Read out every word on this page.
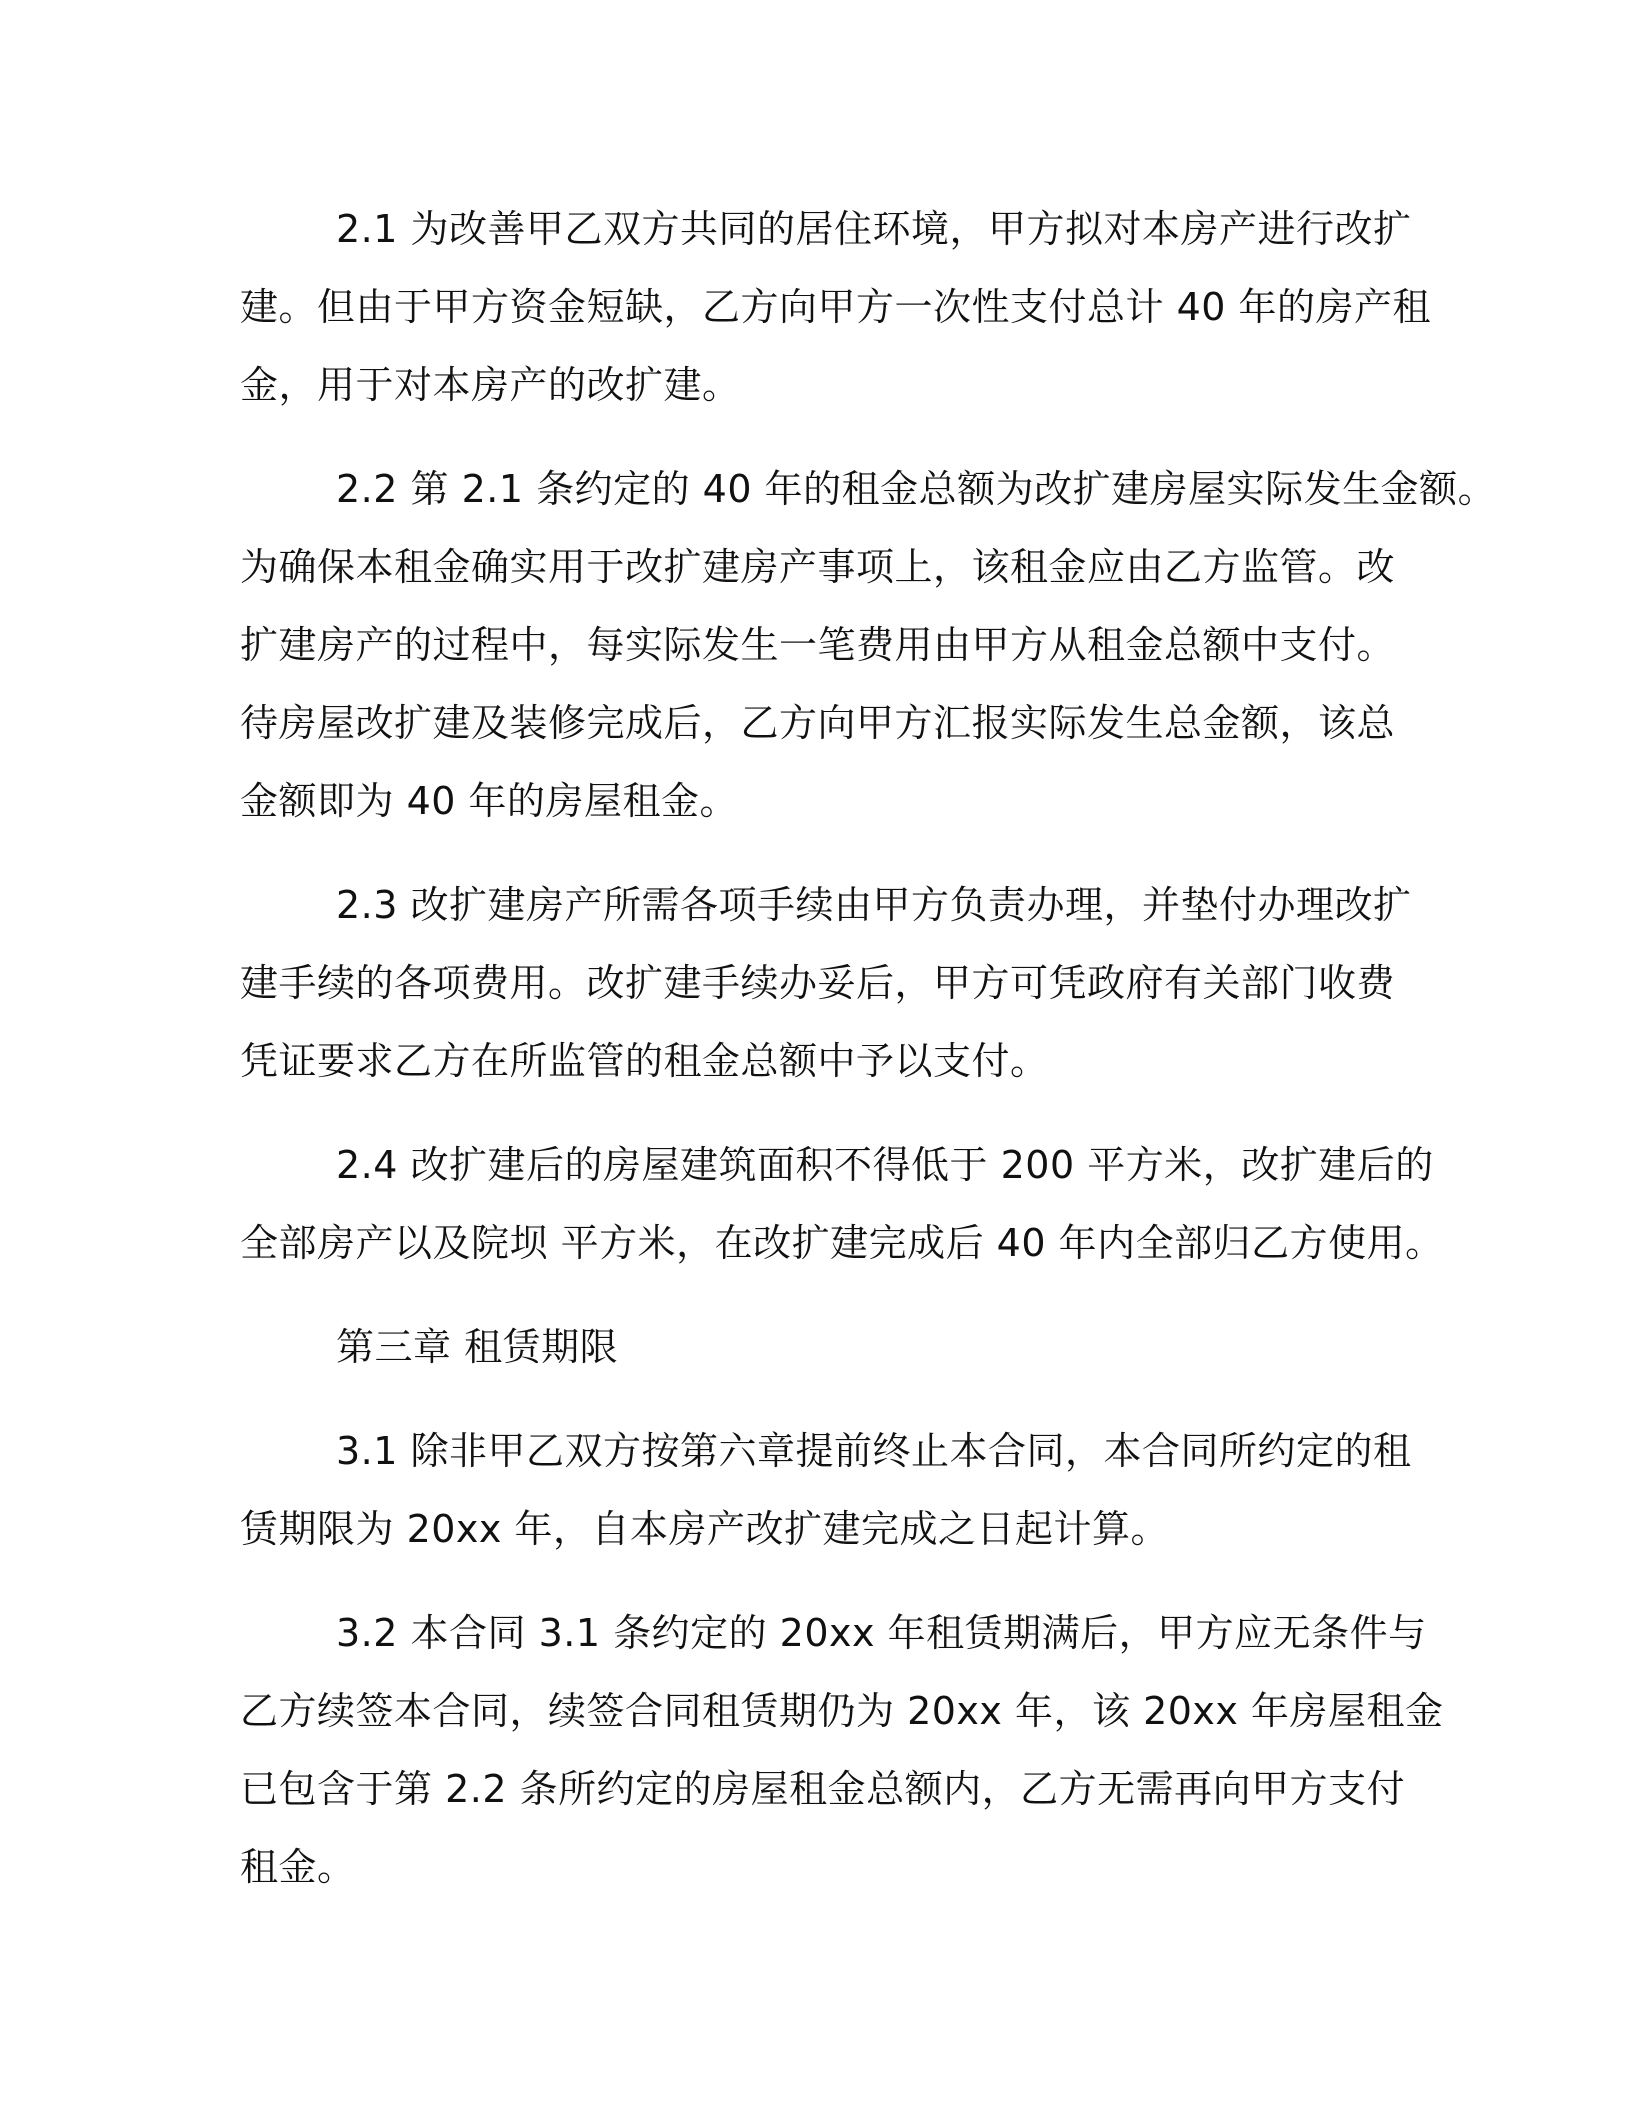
2.1 为改善甲乙双方共同的居住环境，甲方拟对本房产进行改扩
建。但由于甲方资金短缺，乙方向甲方一次性支付总计 40 年的房产租
金，用于对本房产的改扩建。
2.2 第 2.1 条约定的 40 年的租金总额为改扩建房屋实际发生金额。
为确保本租金确实用于改扩建房产事项上，该租金应由乙方监管。改
扩建房产的过程中，每实际发生一笔费用由甲方从租金总额中支付。
待房屋改扩建及装修完成后，乙方向甲方汇报实际发生总金额，该总
金额即为 40 年的房屋租金。
2.3 改扩建房产所需各项手续由甲方负责办理，并垫付办理改扩
建手续的各项费用。改扩建手续办妥后，甲方可凭政府有关部门收费
凭证要求乙方在所监管的租金总额中予以支付。
2.4 改扩建后的房屋建筑面积不得低于 200 平方米，改扩建后的
全部房产以及院坝 平方米，在改扩建完成后 40 年内全部归乙方使用。
第三章 租赁期限
3.1 除非甲乙双方按第六章提前终止本合同，本合同所约定的租
赁期限为 20xx 年，自本房产改扩建完成之日起计算。
3.2 本合同 3.1 条约定的 20xx 年租赁期满后，甲方应无条件与
乙方续签本合同，续签合同租赁期仍为 20xx 年，该 20xx 年房屋租金
已包含于第 2.2 条所约定的房屋租金总额内，乙方无需再向甲方支付
租金。
